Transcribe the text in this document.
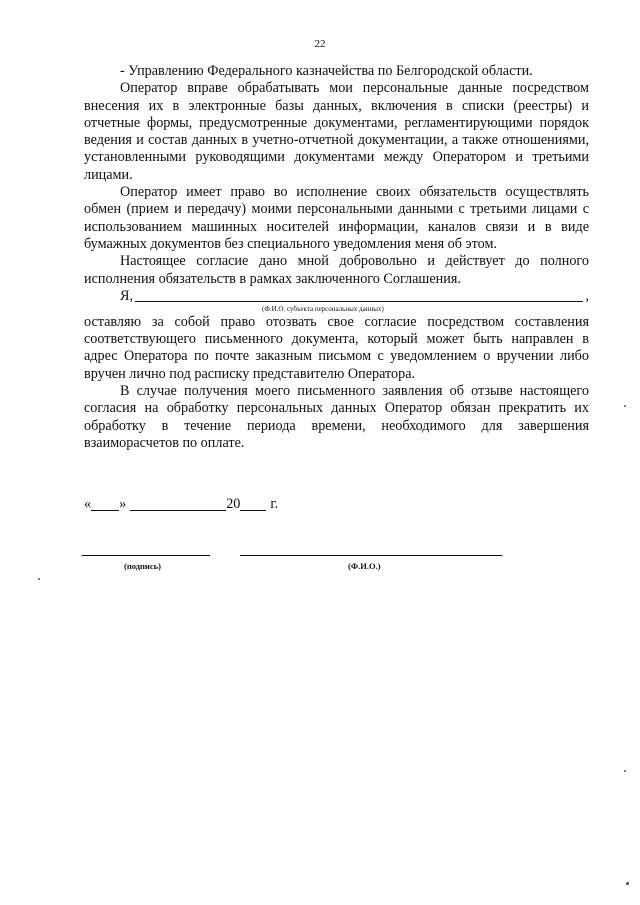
22

- Управлению Федерального казначейства по Белгородской области.

Оператор вправе обрабатывать мои персональные данные посредством внесения их в электронные базы данных, включения в списки (реестры) и отчетные формы, предусмотренные документами, регламентирующими порядок ведения и состав данных в учетно-отчетной документации, а также отношениями, установленными руководящими документами между Оператором и третьими лицами.

Оператор имеет право во исполнение своих обязательств осуществлять обмен (прием и передачу) моими персональными данными с третьими лицами с использованием машинных носителей информации, каналов связи и в виде бумажных документов без специального уведомления меня об этом.

Настоящее согласие дано мной добровольно и действует до полного исполнения обязательств в рамках заключенного Соглашения.

Я,	,
(Ф.И.О. субъекта персональных данных)

оставляю за собой право отозвать свое согласие посредством составления соответствующего письменного документа, который может быть направлен в адрес Оператора по почте заказным письмом с уведомлением о вручении либо вручен лично под расписку представителю Оператора.

В случае получения моего письменного заявления об отзыве настоящего согласия на обработку персональных данных Оператор обязан прекратить их обработку в течение периода времени, необходимого для завершения взаиморасчетов по оплате.

« »	20 г.
(подпись)	(Ф.И.О.)
